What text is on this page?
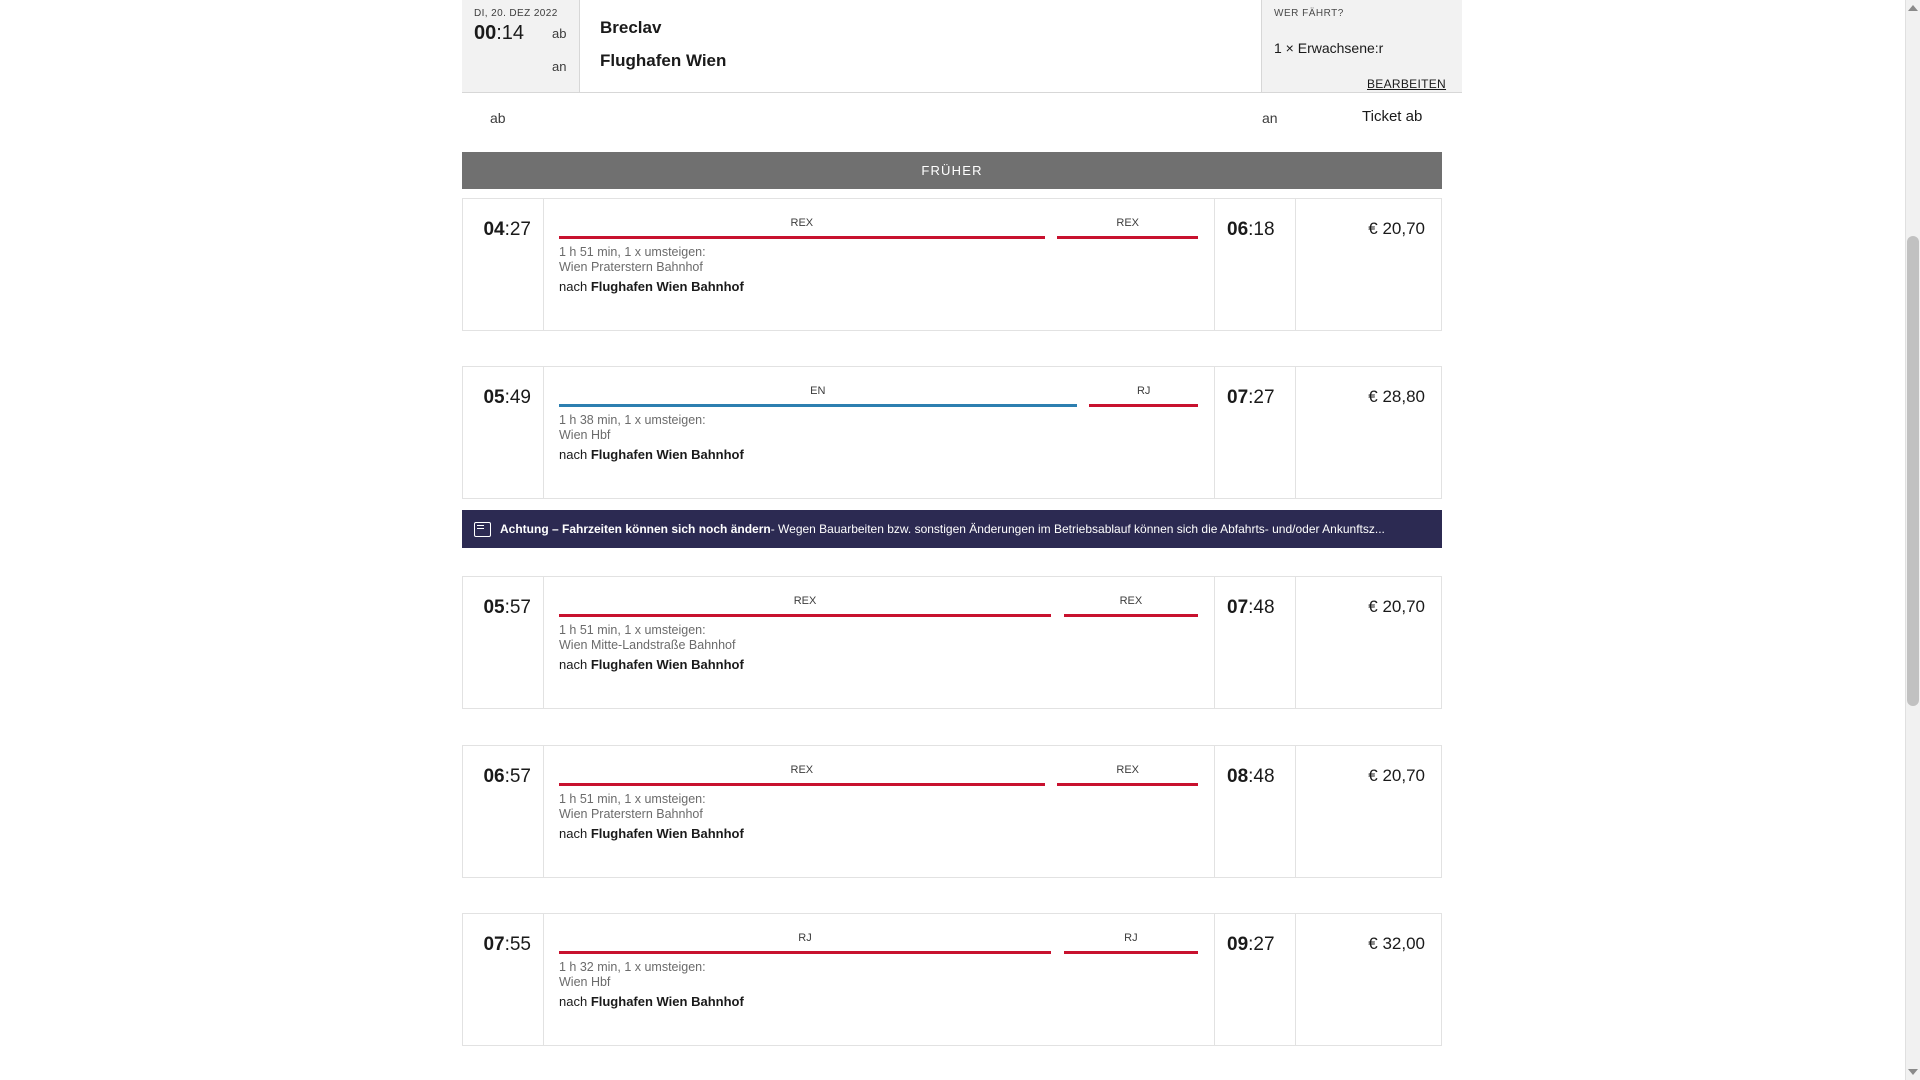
DI, 20. DEZ 2022
00:14 ab
an
Breclav
Flughafen Wien
WER FÄHRT?
1 × Erwachsene:r
BEARBEITEN
ab	an	Ticket ab
FRÜHER
04:27	REX	REX
1 h 51 min, 1 x umsteigen:
Wien Praterstern Bahnhof
nach Flughafen Wien Bahnhof
06:18	€ 20,70
05:49	EN	RJ
1 h 38 min, 1 x umsteigen:
Wien Hbf
nach Flughafen Wien Bahnhof
07:27	€ 28,80
Achtung – Fahrzeiten können sich noch ändern - Wegen Bauarbeiten bzw. sonstigen Änderungen im Betriebsablauf können sich die Abfahrts- und/oder Ankunftsz...
05:57	REX	REX
1 h 51 min, 1 x umsteigen:
Wien Mitte-Landstraße Bahnhof
nach Flughafen Wien Bahnhof
07:48	€ 20,70
06:57	REX	REX
1 h 51 min, 1 x umsteigen:
Wien Praterstern Bahnhof
nach Flughafen Wien Bahnhof
08:48	€ 20,70
07:55	RJ	RJ
1 h 32 min, 1 x umsteigen:
Wien Hbf
nach Flughafen Wien Bahnhof
09:27	€ 32,00
